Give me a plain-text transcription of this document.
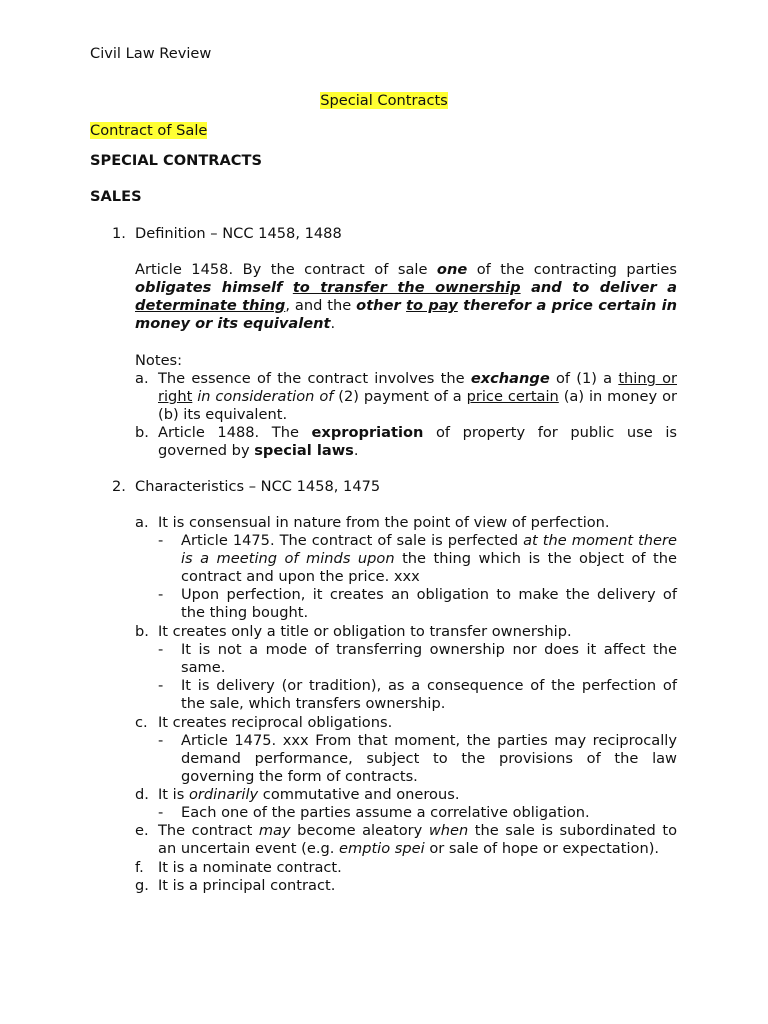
Civil Law Review
Special Contracts
Contract of Sale
SPECIAL CONTRACTS
SALES
1. Definition – NCC 1458, 1488
Article 1458. By the contract of sale one of the contracting parties obligates himself to transfer the ownership and to deliver a determinate thing, and the other to pay therefor a price certain in money or its equivalent.
Notes:
a. The essence of the contract involves the exchange of (1) a thing or right in consideration of (2) payment of a price certain (a) in money or (b) its equivalent.
b. Article 1488. The expropriation of property for public use is governed by special laws.
2. Characteristics – NCC 1458, 1475
a. It is consensual in nature from the point of view of perfection.
- Article 1475. The contract of sale is perfected at the moment there is a meeting of minds upon the thing which is the object of the contract and upon the price. xxx
- Upon perfection, it creates an obligation to make the delivery of the thing bought.
b. It creates only a title or obligation to transfer ownership.
- It is not a mode of transferring ownership nor does it affect the same.
- It is delivery (or tradition), as a consequence of the perfection of the sale, which transfers ownership.
c. It creates reciprocal obligations.
- Article 1475. xxx From that moment, the parties may reciprocally demand performance, subject to the provisions of the law governing the form of contracts.
d. It is ordinarily commutative and onerous.
- Each one of the parties assume a correlative obligation.
e. The contract may become aleatory when the sale is subordinated to an uncertain event (e.g. emptio spei or sale of hope or expectation).
f. It is a nominate contract.
g. It is a principal contract.
